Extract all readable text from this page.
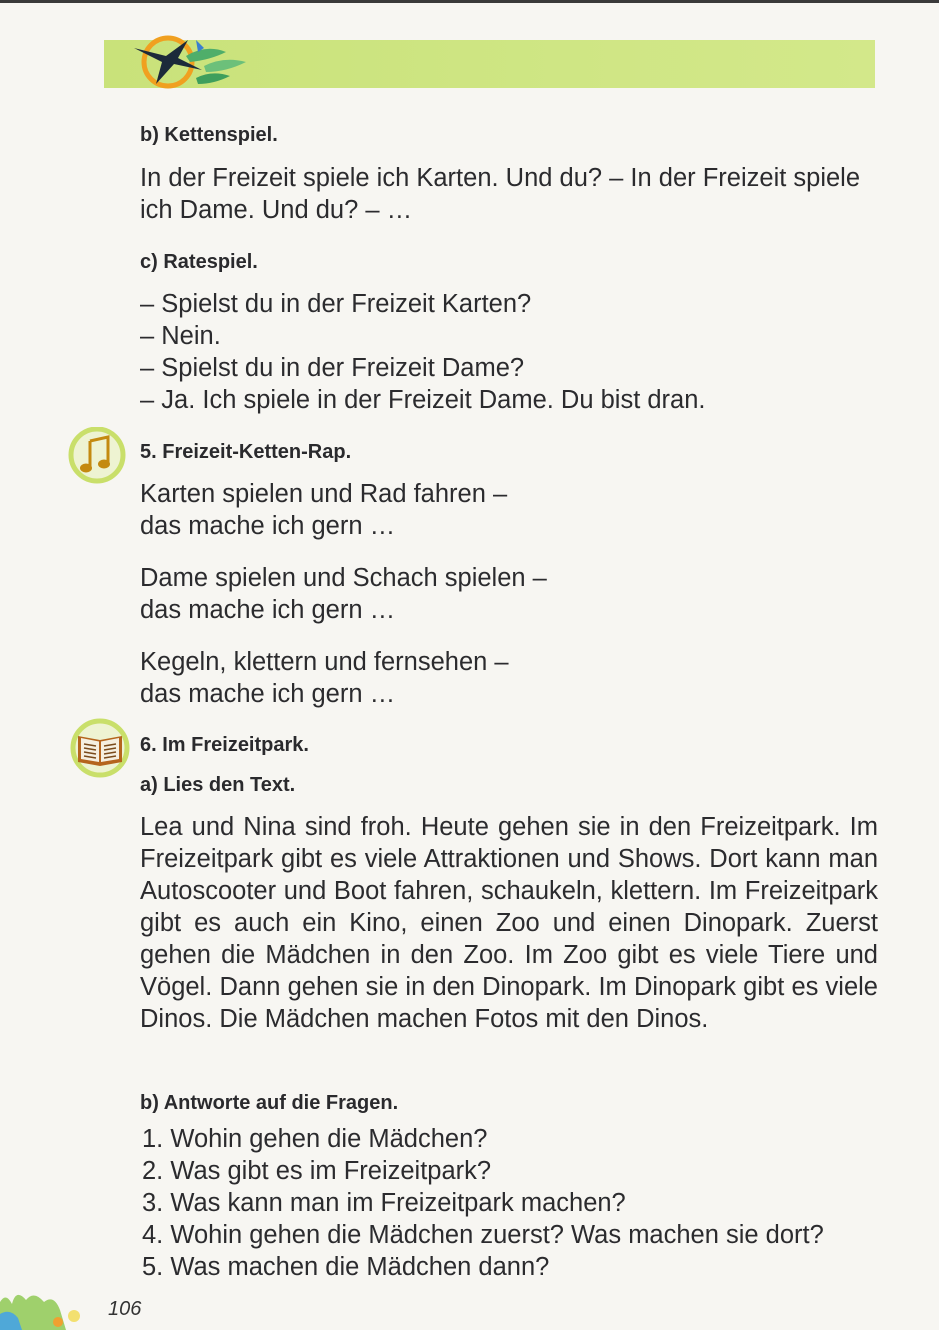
b) Kettenspiel.
In der Freizeit spiele ich Karten. Und du? – In der Freizeit spiele ich Dame. Und du? – …
c) Ratespiel.
– Spielst du in der Freizeit Karten?
– Nein.
– Spielst du in der Freizeit Dame?
– Ja. Ich spiele in der Freizeit Dame. Du bist dran.
5. Freizeit-Ketten-Rap.
Karten spielen und Rad fahren –
das mache ich gern …
Dame spielen und Schach spielen –
das mache ich gern …
Kegeln, klettern und fernsehen –
das mache ich gern …
6. Im Freizeitpark.
a) Lies den Text.
Lea und Nina sind froh. Heute gehen sie in den Freizeitpark. Im Freizeitpark gibt es viele Attraktionen und Shows. Dort kann man Autoscooter und Boot fahren, schaukeln, klettern. Im Freizeitpark gibt es auch ein Kino, einen Zoo und einen Dinopark. Zuerst gehen die Mädchen in den Zoo. Im Zoo gibt es viele Tiere und Vögel. Dann gehen sie in den Dinopark. Im Dinopark gibt es viele Dinos. Die Mädchen machen Fotos mit den Dinos.
b) Antworte auf die Fragen.
1. Wohin gehen die Mädchen?
2. Was gibt es im Freizeitpark?
3. Was kann man im Freizeitpark machen?
4. Wohin gehen die Mädchen zuerst? Was machen sie dort?
5. Was machen die Mädchen dann?
106
